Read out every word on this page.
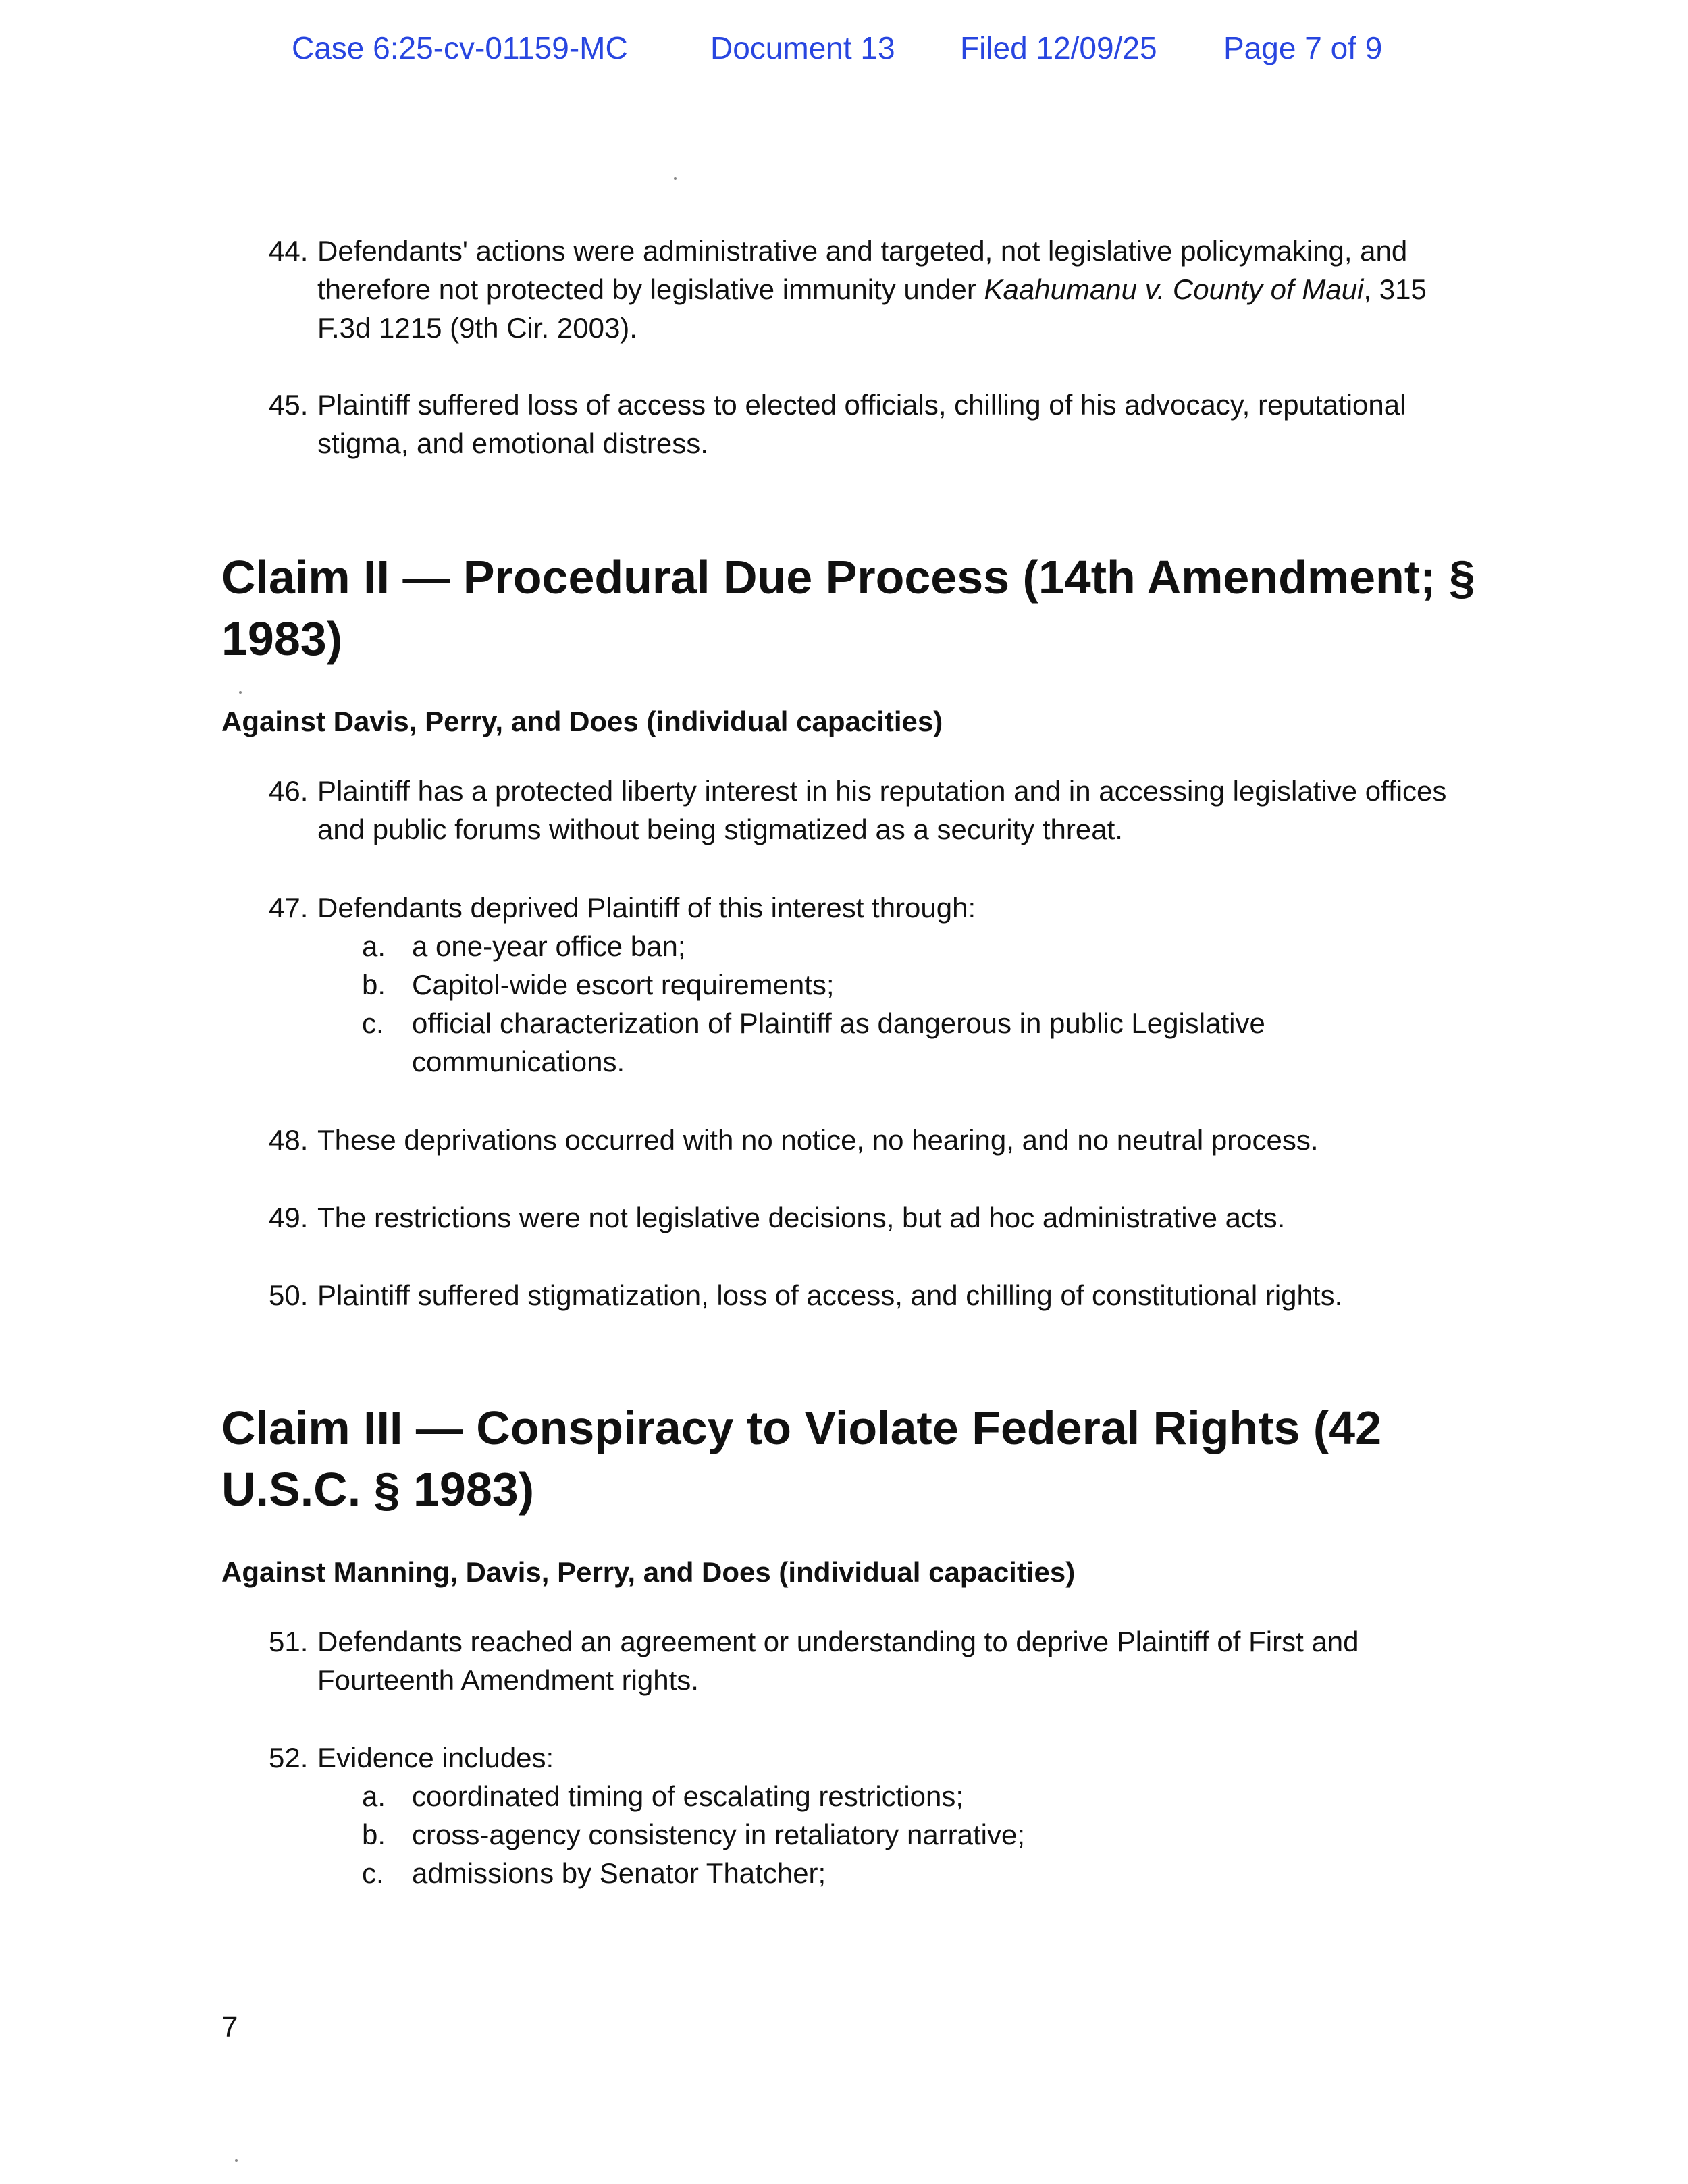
Case 6:25-cv-01159-MC	Document 13	Filed 12/09/25	Page 7 of 9
44. Defendants' actions were administrative and targeted, not legislative policymaking, and therefore not protected by legislative immunity under Kaahumanu v. County of Maui, 315 F.3d 1215 (9th Cir. 2003).
45. Plaintiff suffered loss of access to elected officials, chilling of his advocacy, reputational stigma, and emotional distress.
Claim II — Procedural Due Process (14th Amendment; § 1983)
Against Davis, Perry, and Does (individual capacities)
46. Plaintiff has a protected liberty interest in his reputation and in accessing legislative offices and public forums without being stigmatized as a security threat.
47. Defendants deprived Plaintiff of this interest through:
a. a one-year office ban;
b. Capitol-wide escort requirements;
c. official characterization of Plaintiff as dangerous in public Legislative communications.
48. These deprivations occurred with no notice, no hearing, and no neutral process.
49. The restrictions were not legislative decisions, but ad hoc administrative acts.
50. Plaintiff suffered stigmatization, loss of access, and chilling of constitutional rights.
Claim III — Conspiracy to Violate Federal Rights (42 U.S.C. § 1983)
Against Manning, Davis, Perry, and Does (individual capacities)
51. Defendants reached an agreement or understanding to deprive Plaintiff of First and Fourteenth Amendment rights.
52. Evidence includes:
a. coordinated timing of escalating restrictions;
b. cross-agency consistency in retaliatory narrative;
c. admissions by Senator Thatcher;
7
